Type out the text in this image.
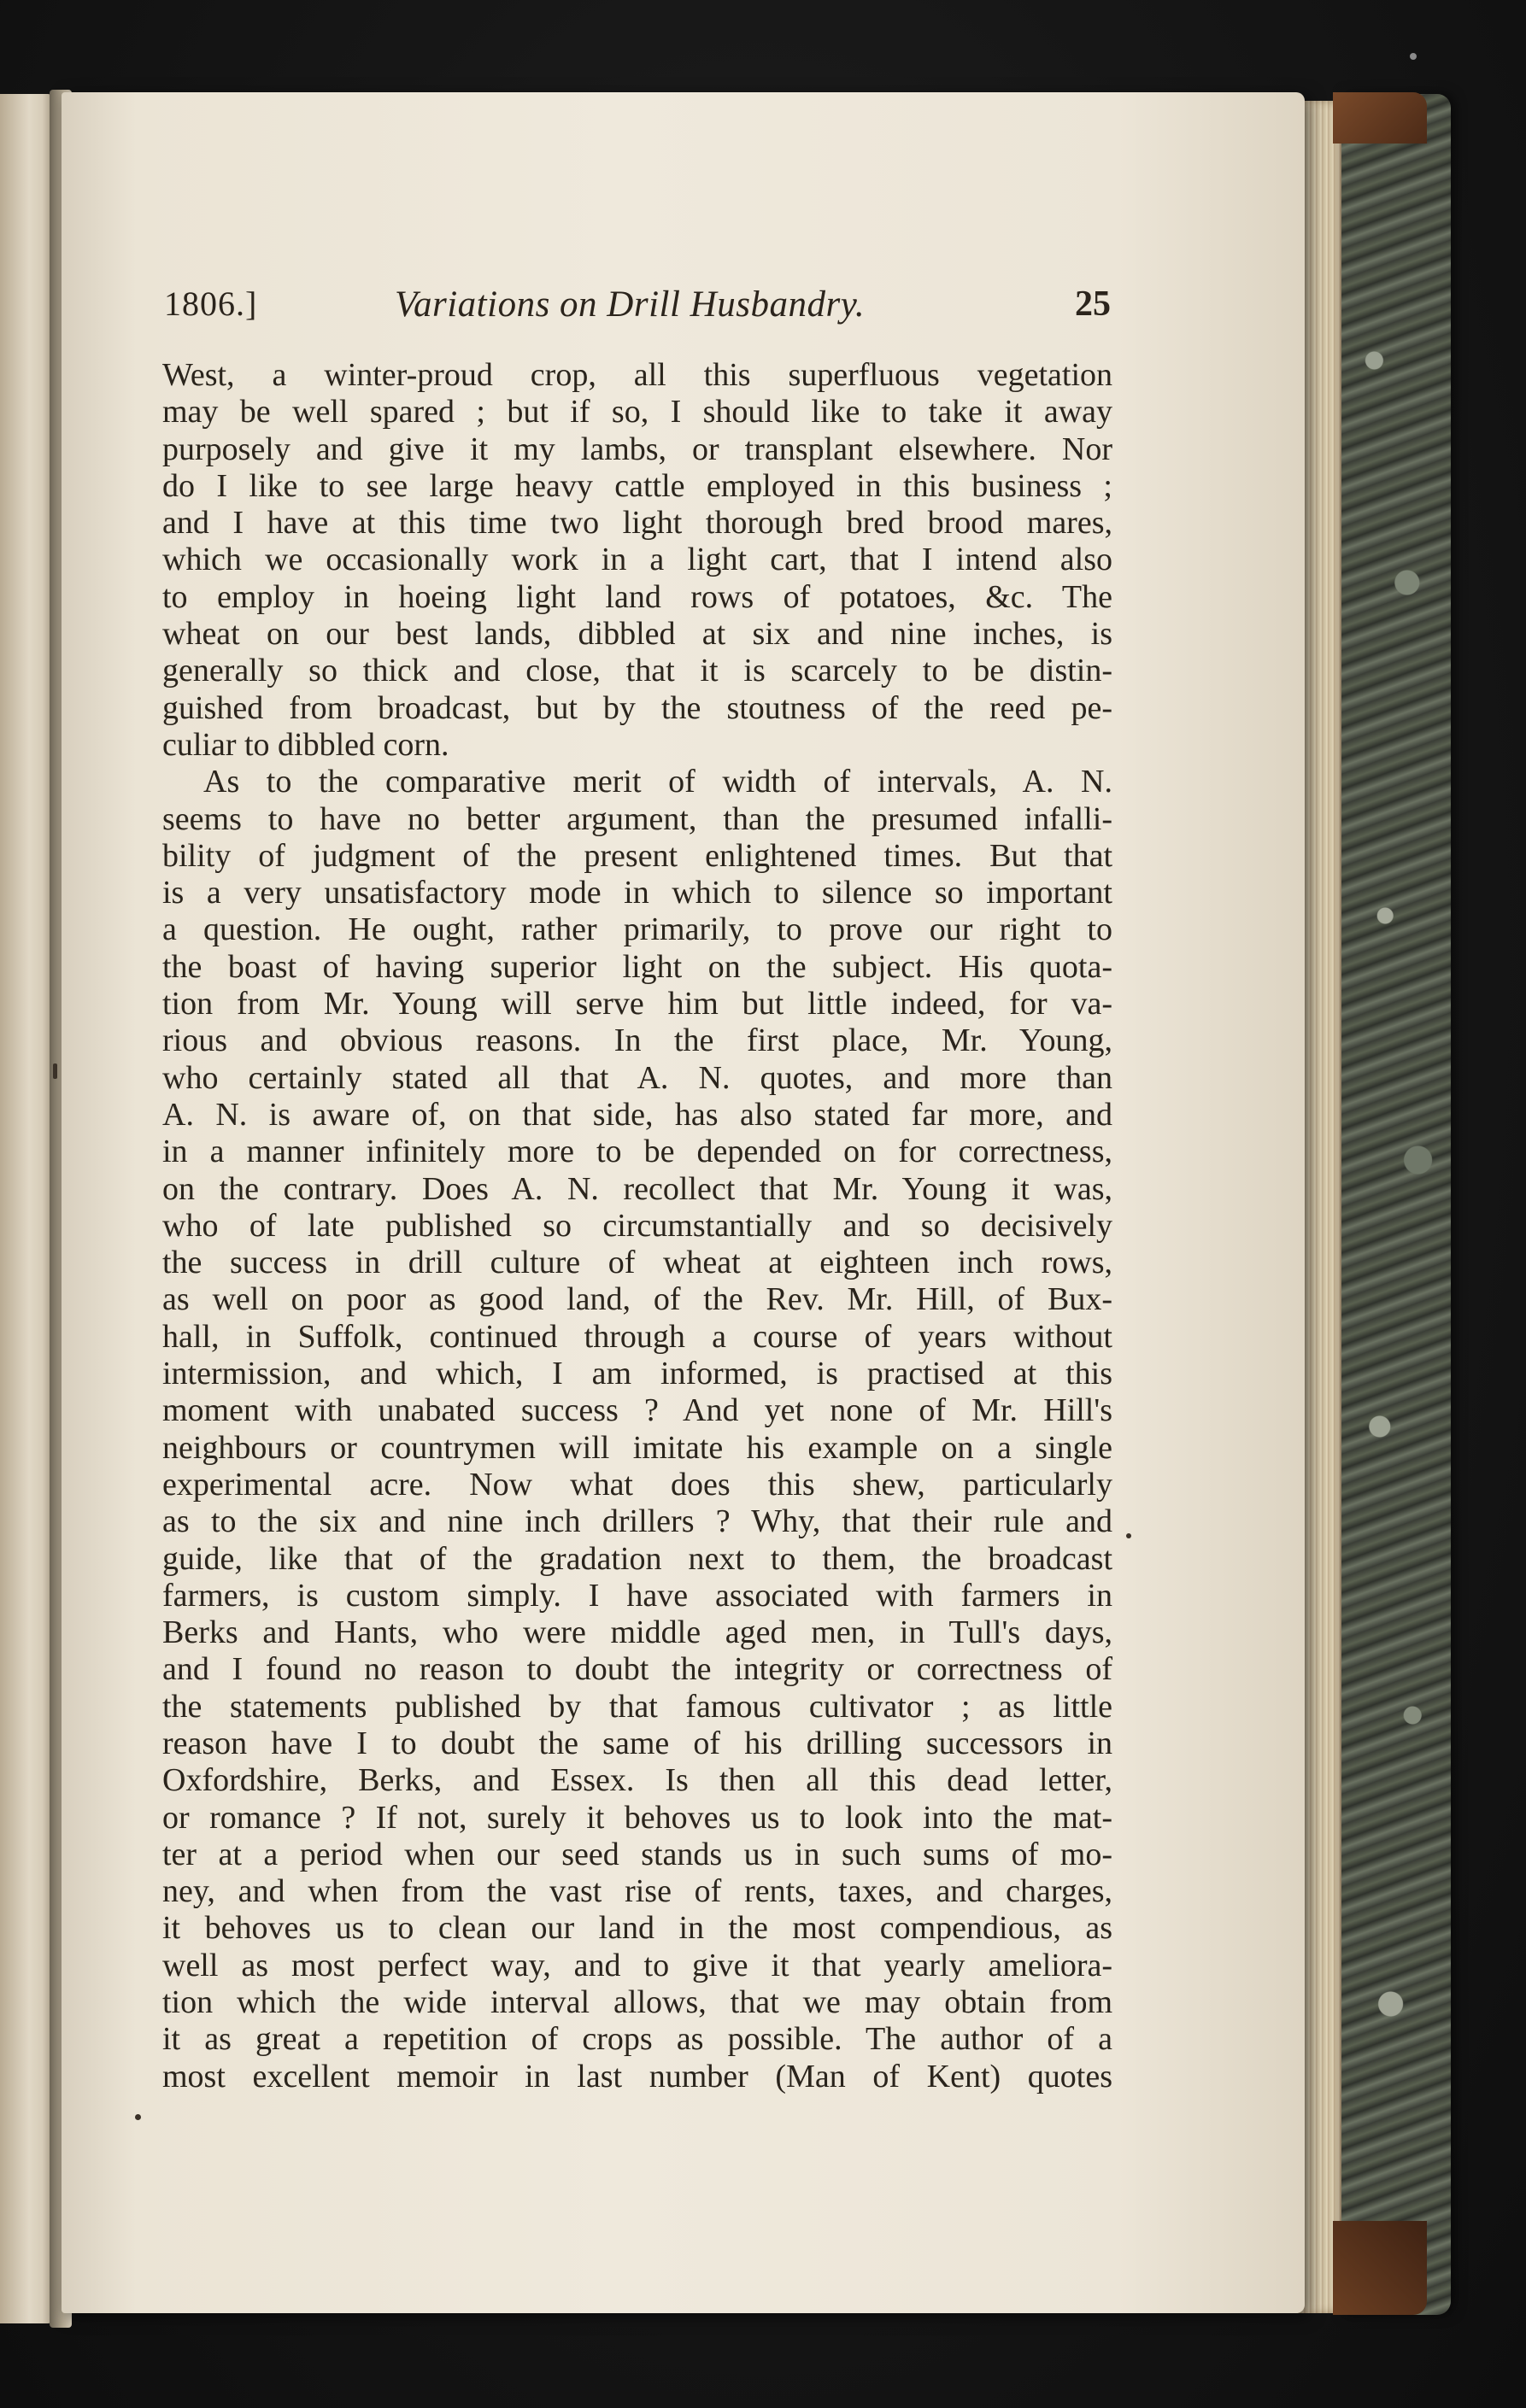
1806.]	Variations on Drill Husbandry.	25
West, a winter-proud crop, all this superfluous vegetation
may be well spared ; but if so, I should like to take it away
purposely and give it my lambs, or transplant elsewhere. Nor
do I like to see large heavy cattle employed in this business ;
and I have at this time two light thorough bred brood mares,
which we occasionally work in a light cart, that I intend also
to employ in hoeing light land rows of potatoes, &c. The
wheat on our best lands, dibbled at six and nine inches, is
generally so thick and close, that it is scarcely to be distin-
guished from broadcast, but by the stoutness of the reed pe-
culiar to dibbled corn.
As to the comparative merit of width of intervals, A. N.
seems to have no better argument, than the presumed infalli-
bility of judgment of the present enlightened times. But that
is a very unsatisfactory mode in which to silence so important
a question. He ought, rather primarily, to prove our right to
the boast of having superior light on the subject. His quota-
tion from Mr. Young will serve him but little indeed, for va-
rious and obvious reasons. In the first place, Mr. Young,
who certainly stated all that A. N. quotes, and more than
A. N. is aware of, on that side, has also stated far more, and
in a manner infinitely more to be depended on for correctness,
on the contrary. Does A. N. recollect that Mr. Young it was,
who of late published so circumstantially and so decisively
the success in drill culture of wheat at eighteen inch rows,
as well on poor as good land, of the Rev. Mr. Hill, of Bux-
hall, in Suffolk, continued through a course of years without
intermission, and which, I am informed, is practised at this
moment with unabated success ? And yet none of Mr. Hill's
neighbours or countrymen will imitate his example on a single
experimental acre. Now what does this shew, particularly
as to the six and nine inch drillers ? Why, that their rule and
guide, like that of the gradation next to them, the broadcast
farmers, is custom simply. I have associated with farmers in
Berks and Hants, who were middle aged men, in Tull's days,
and I found no reason to doubt the integrity or correctness of
the statements published by that famous cultivator ; as little
reason have I to doubt the same of his drilling successors in
Oxfordshire, Berks, and Essex. Is then all this dead letter,
or romance ? If not, surely it behoves us to look into the mat-
ter at a period when our seed stands us in such sums of mo-
ney, and when from the vast rise of rents, taxes, and charges,
it behoves us to clean our land in the most compendious, as
well as most perfect way, and to give it that yearly ameliora-
tion which the wide interval allows, that we may obtain from
it as great a repetition of crops as possible. The author of a
most excellent memoir in last number (Man of Kent) quotes
